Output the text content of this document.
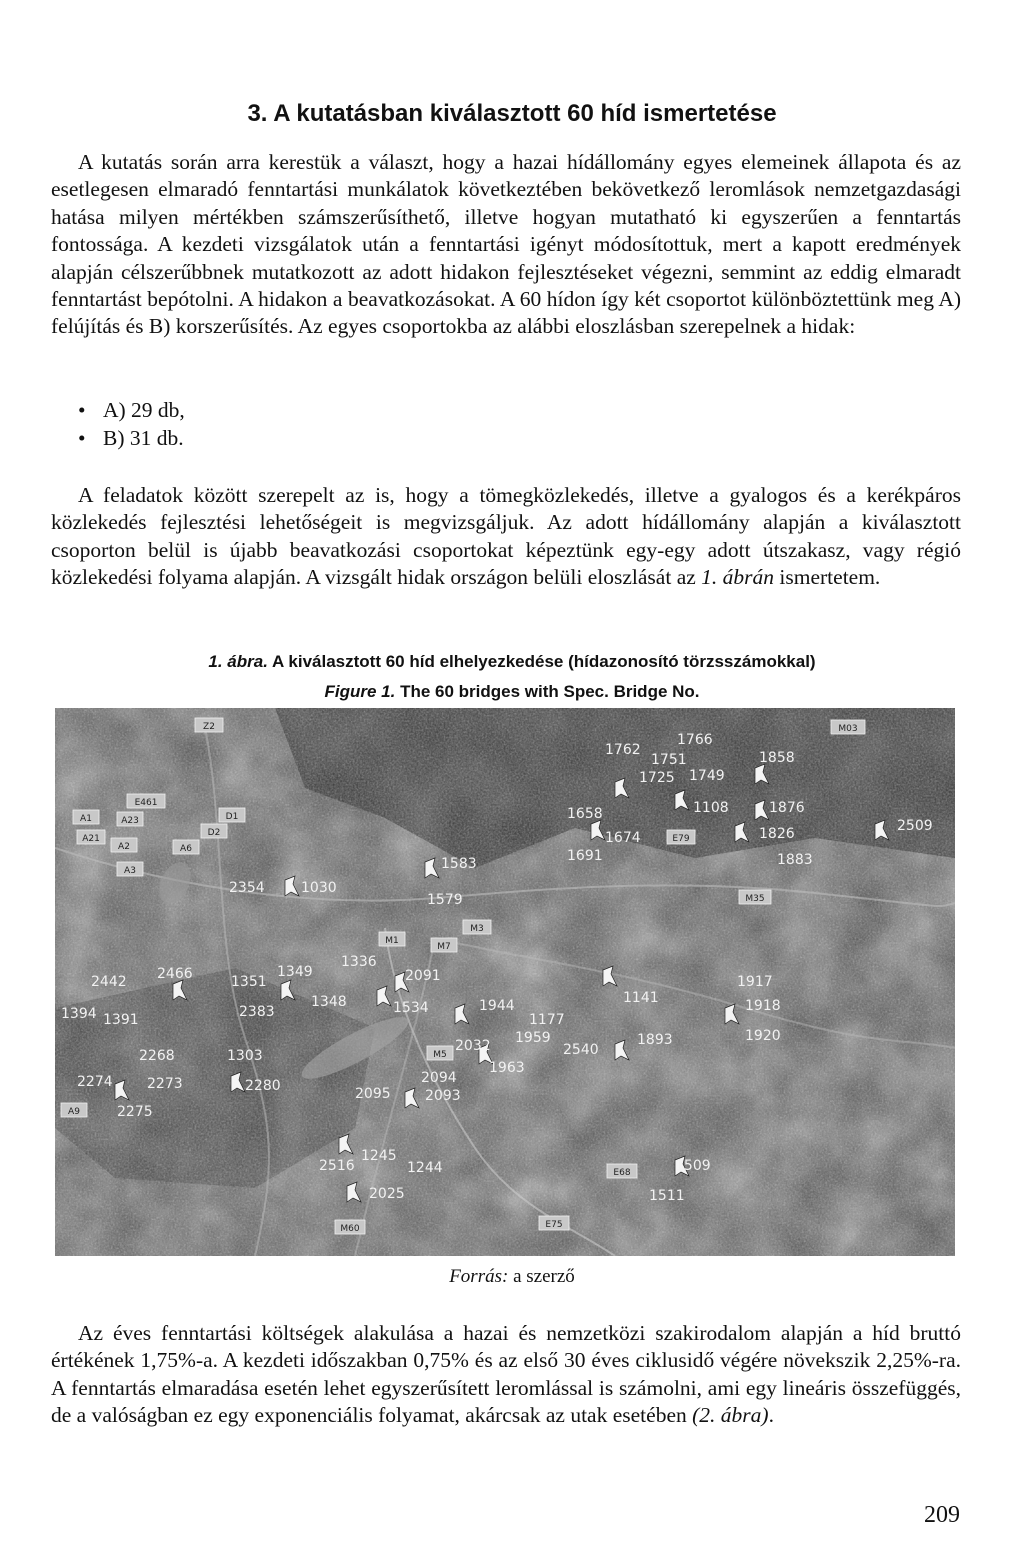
3. A kutatásban kiválasztott 60 híd ismertetése

A kutatás során arra kerestük a választ, hogy a hazai hídállomány egyes elemeinek állapota és az esetlegesen elmaradó fenntartási munkálatok következtében bekövetkező leromlások nemzetgazdasági hatása milyen mértékben számszerűsíthető, illetve hogyan mutatható ki egyszerűen a fenntartás fontossága. A kezdeti vizsgálatok után a fenntartási igényt módosítottuk, mert a kapott eredmények alapján célszerűbbnek mutatkozott az adott hidakon fejlesztéseket végezni, semmint az eddig elmaradt fenntartást bepótolni. A hidakon a beavatkozásokat. A 60 hídon így két csoportot különböztettünk meg A) felújítás és B) korszerűsítés. Az egyes csoportokba az alábbi eloszlásban szerepelnek a hidak:

• A) 29 db,
• B) 31 db.

A feladatok között szerepelt az is, hogy a tömegközlekedés, illetve a gyalogos és a kerékpáros közlekedés fejlesztési lehetőségeit is megvizsgáljuk. Az adott hídállomány alapján a kiválasztott csoporton belül is újabb beavatkozási csoportokat képeztünk egy-egy adott útszakasz, vagy régió közlekedési folyama alapján. A vizsgált hidak országon belüli eloszlását az 1. ábrán ismertetem.

1. ábra. A kiválasztott 60 híd elhelyezkedése (hídazonosító törzsszámokkal)
Figure 1. The 60 bridges with Spec. Bridge No.
Z2	M03
E461
A1	A23	D1
A21
A2
D2
A6
A3
E79
M35
M1
M7
M3
M5
A9
E68
E75
M60
1762
1766
1751	1858
1725 1749
1658	1108	1876
1674	1826	2509
1691	1883
1583
2354	1030
1579
1336
2091
2442 2466	1351
1349
1917
1141	1918
1394 1391	2383
1348	1534	1944
1177
1920
2268	1303
2032 1959
2540
1893
1963
2274 2273	2094
2280	2095 2093
2275
2516
1245
1244	1509
2025	1511
Forrás: a szerző

Az éves fenntartási költségek alakulása a hazai és nemzetközi szakirodalom alapján a híd bruttó értékének 1,75%-a. A kezdeti időszakban 0,75% és az első 30 éves ciklusidő végére növekszik 2,25%-ra. A fenntartás elmaradása esetén lehet egyszerűsített leromlással is számolni, ami egy lineáris összefüggés, de a valóságban ez egy exponenciális folyamat, akárcsak az utak esetében (2. ábra).

209
